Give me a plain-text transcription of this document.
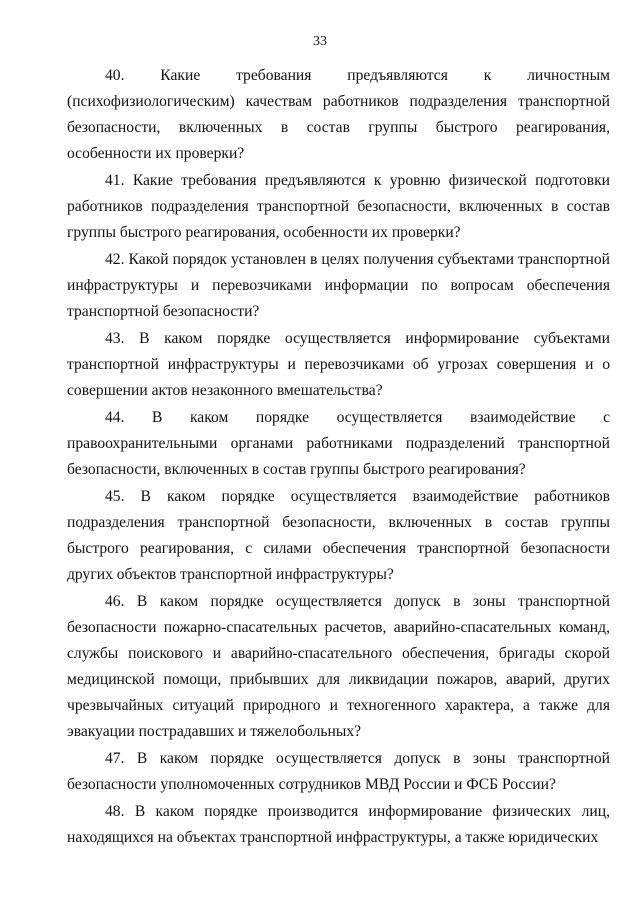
33

40. Какие требования предъявляются к личностным (психофизиологическим) качествам работников подразделения транспортной безопасности, включенных в состав группы быстрого реагирования, особенности их проверки?

41. Какие требования предъявляются к уровню физической подготовки работников подразделения транспортной безопасности, включенных в состав группы быстрого реагирования, особенности их проверки?

42. Какой порядок установлен в целях получения субъектами транспортной инфраструктуры и перевозчиками информации по вопросам обеспечения транспортной безопасности?

43. В каком порядке осуществляется информирование субъектами транспортной инфраструктуры и перевозчиками об угрозах совершения и о совершении актов незаконного вмешательства?

44. В каком порядке осуществляется взаимодействие с правоохранительными органами работниками подразделений транспортной безопасности, включенных в состав группы быстрого реагирования?

45. В каком порядке осуществляется взаимодействие работников подразделения транспортной безопасности, включенных в состав группы быстрого реагирования, с силами обеспечения транспортной безопасности других объектов транспортной инфраструктуры?

46. В каком порядке осуществляется допуск в зоны транспортной безопасности пожарно-спасательных расчетов, аварийно-спасательных команд, службы поискового и аварийно-спасательного обеспечения, бригады скорой медицинской помощи, прибывших для ликвидации пожаров, аварий, других чрезвычайных ситуаций природного и техногенного характера, а также для эвакуации пострадавших и тяжелобольных?

47. В каком порядке осуществляется допуск в зоны транспортной безопасности уполномоченных сотрудников МВД России и ФСБ России?

48. В каком порядке производится информирование физических лиц, находящихся на объектах транспортной инфраструктуры, а также юридических
